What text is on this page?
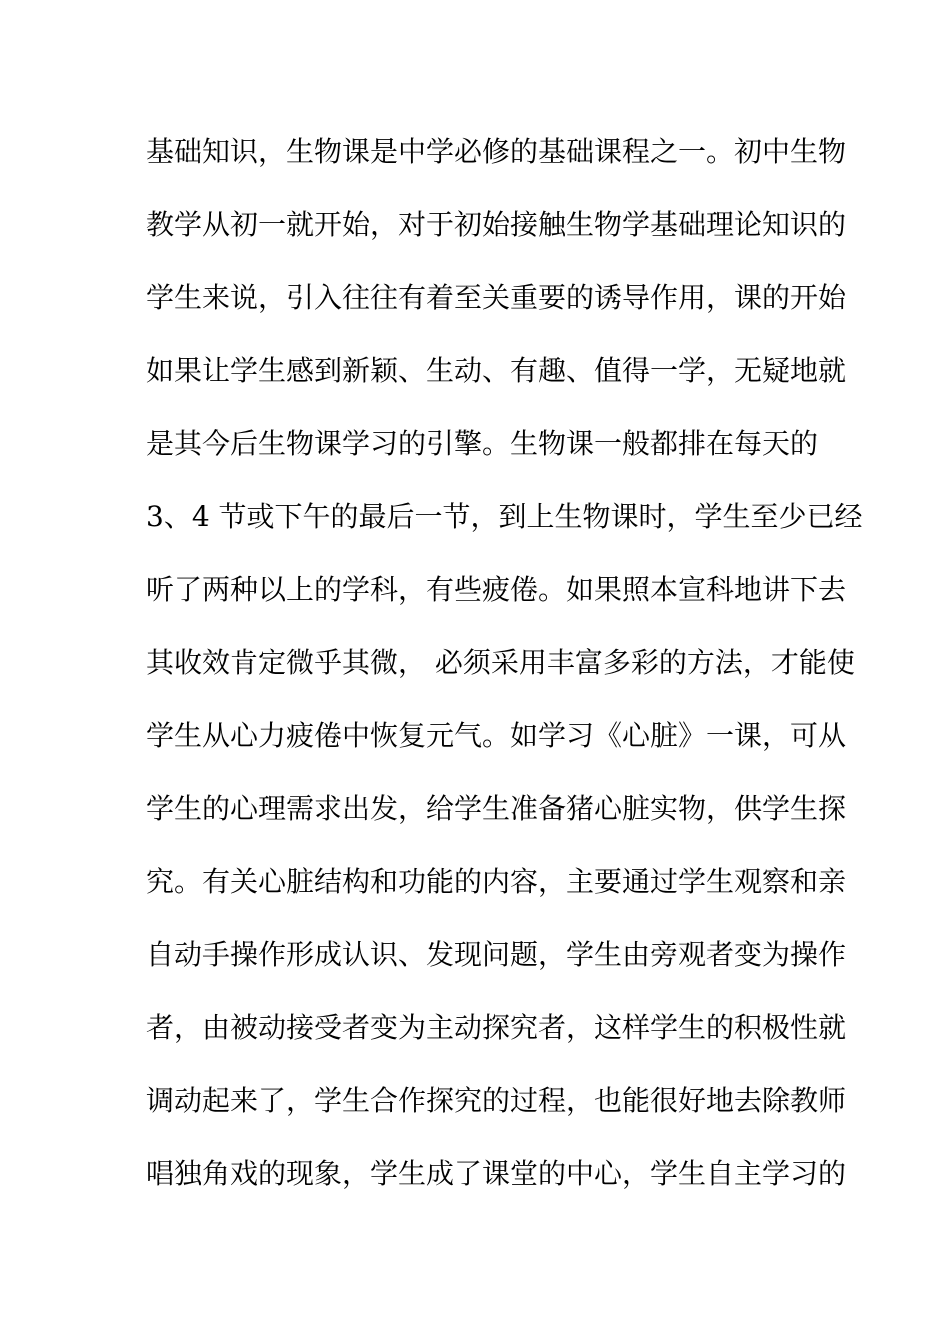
基础知识，生物课是中学必修的基础课程之一。初中生物
教学从初一就开始，对于初始接触生物学基础理论知识的
学生来说，引入往往有着至关重要的诱导作用，课的开始
如果让学生感到新颖、生动、有趣、值得一学，无疑地就
是其今后生物课学习的引擎。生物课一般都排在每天的
3、4 节或下午的最后一节，到上生物课时，学生至少已经
听了两种以上的学科，有些疲倦。如果照本宣科地讲下去
其收效肯定微乎其微， 必须采用丰富多彩的方法，才能使
学生从心力疲倦中恢复元气。如学习《心脏》一课，可从
学生的心理需求出发，给学生准备猪心脏实物，供学生探
究。有关心脏结构和功能的内容，主要通过学生观察和亲
自动手操作形成认识、发现问题，学生由旁观者变为操作
者，由被动接受者变为主动探究者，这样学生的积极性就
调动起来了，学生合作探究的过程，也能很好地去除教师
唱独角戏的现象，学生成了课堂的中心，学生自主学习的
